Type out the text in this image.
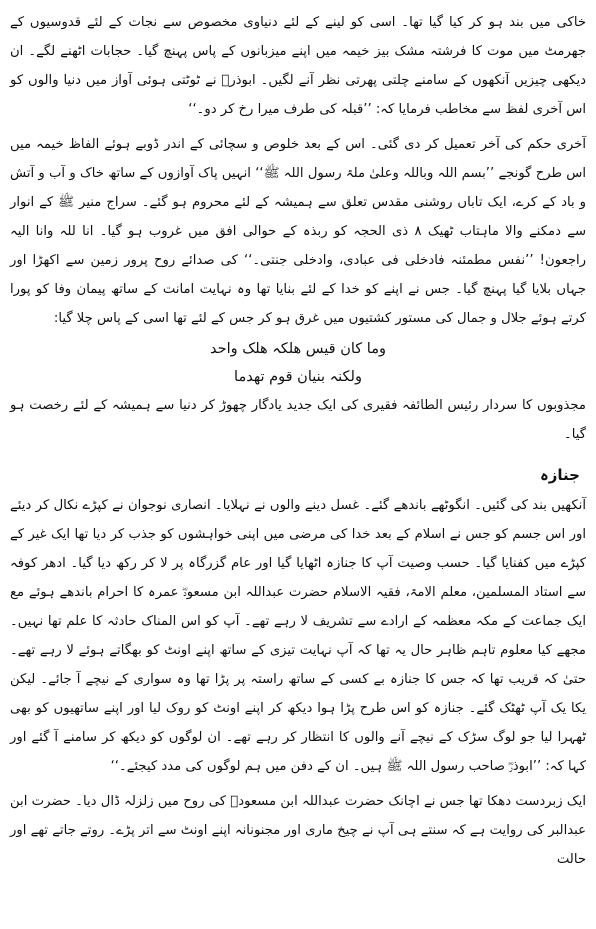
خاکی میں بند ہو کر کیا گیا تھا۔ اسی کو لینے کے لئے دنیاوی مخصوص سے نجات کے لئے قدوسیوں کے جھرمٹ میں موت کا فرشتہ مشک بیز خیمہ میں اپنے میزبانوں کے پاس پہنچ گیا۔ حجابات اٹھنے لگے۔ ان دیکھی چیزیں آنکھوں کے سامنے چلتی پھرتی نظر آنے لگیں۔ ابوذرؓ نے ٹوٹتی ہوئی آواز میں دنیا والوں کو اس آخری لفظ سے مخاطب فرمایا کہ: ’’قبلہ کی طرف میرا رخ کر دو۔‘‘

آخری حکم کی آخر تعمیل کر دی گئی۔ اس کے بعد خلوص و سچائی کے اندر ڈوبے ہوئے الفاظ خیمہ میں اس طرح گونجے ’’بسم اللہ وباللہ وعلیٰ ملۃ رسول اللہ ﷺ‘‘ انہیں پاک آوازوں کے ساتھ خاک و آب و آتش و باد کے کرے، ایک تاباں روشنی مقدس تعلق سے ہمیشہ کے لئے محروم ہو گئے۔ سراج منیر ﷺ کے انوار سے دمکنے والا ماہتاب ٹھیک ۸ ذی الحجہ کو ربذہ کے حوالی افق میں غروب ہو گیا۔ انا للہ وانا الیہ راجعون! ’’نفس مطمئنہ فادخلی فی عبادی، وادخلی جنتی۔‘‘ کی صدائے روح پرور زمین سے اکھڑا اور جہاں بلایا گیا پہنچ گیا۔ جس نے اپنے کو خدا کے لئے بنایا تھا وہ نہایت امانت کے ساتھ پیمان وفا کو پورا کرتے ہوئے جلال و جمال کی مستور کشتیوں میں غرق ہو کر جس کے لئے تھا اسی کے پاس چلا گیا:

وما کان قیس ھلکہ ھلک واحد

ولکنہ بنیان قوم تھدما

مجذوبوں کا سردار رئیس الطائفہ فقیری کی ایک جدید یادگار چھوڑ کر دنیا سے ہمیشہ کے لئے رخصت ہو گیا۔

جنازہ

آنکھیں بند کی گئیں۔ انگوٹھے باندھے گئے۔ غسل دینے والوں نے نہلایا۔ انصاری نوجوان نے کپڑے نکال کر دیئے اور اس جسم کو جس نے اسلام کے بعد خدا کی مرضی میں اپنی خواہشوں کو جذب کر دیا تھا ایک غیر کے کپڑے میں کفنایا گیا۔ حسب وصیت آپ کا جنازہ اٹھایا گیا اور عام گزرگاہ پر لا کر رکھ دیا گیا۔ ادھر کوفہ سے استاد المسلمین، معلم الامۃ، فقیہ الاسلام حضرت عبداللہ ابن مسعودؓ عمرہ کا احرام باندھے ہوئے مع ایک جماعت کے مکہ معظمہ کے ارادے سے تشریف لا رہے تھے۔ آپ کو اس المناک حادثہ کا علم تھا نہیں۔ مجھے کیا معلوم تاہم ظاہر حال یہ تھا کہ آپ نہایت تیزی کے ساتھ اپنے اونٹ کو بھگاتے ہوئے لا رہے تھے۔ حتیٰ کہ قریب تھا کہ جس کا جنازہ بے کسی کے ساتھ راستہ پر پڑا تھا وہ سواری کے نیچے آ جائے۔ لیکن یکا یک آپ ٹھٹک گئے۔ جنازہ کو اس طرح پڑا ہوا دیکھ کر اپنے اونٹ کو روک لیا اور اپنے ساتھیوں کو بھی ٹھہرا لیا جو لوگ سڑک کے نیچے آنے والوں کا انتظار کر رہے تھے۔ ان لوگوں کو دیکھ کر سامنے آ گئے اور کہا کہ: ’’ابوذرؓ صاحب رسول اللہ ﷺ ہیں۔ ان کے دفن میں ہم لوگوں کی مدد کیجئے۔‘‘

ایک زبردست دھکا تھا جس نے اچانک حضرت عبداللہ ابن مسعودؓ کی روح میں زلزلہ ڈال دیا۔ حضرت ابن عبدالبر کی روایت ہے کہ سنتے ہی آپ نے چیخ ماری اور مجنونانہ اپنے اونٹ سے اتر پڑے۔ روتے جاتے تھے اور حالت
